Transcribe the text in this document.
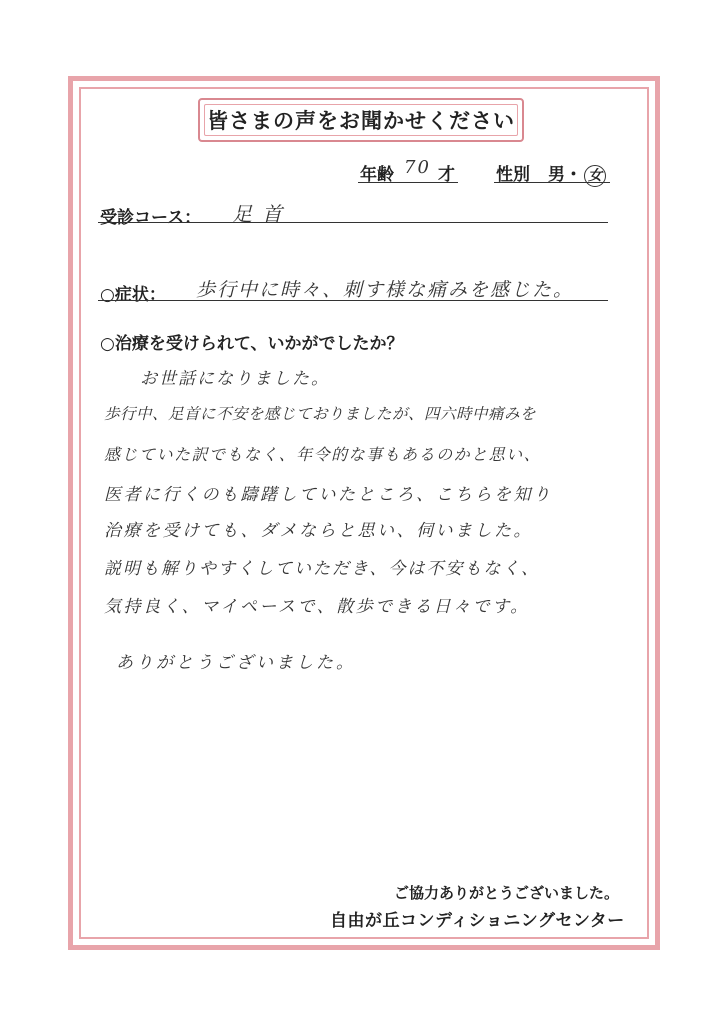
皆さまの声をお聞かせください
年齢 70 才 性別 男・ 女
受診コース： 足首
○症状： 歩行中に時々、刺す様な痛みを感じた。
○治療を受けられて、いかがでしたか？
お世話になりました。
歩行中、足首に不安を感じておりましたが、四六時中痛みを
感じていた訳でもなく、年令的な事もあるのかと思い、
医者に行くのも躊躇していたところ、こちらを知り
治療を受けても、ダメならと思い、伺いました。
説明も解りやすくしていただき、今は不安もなく、
気持良く、マイペースで、散歩できる日々です。
ありがとうございました。
ご協力ありがとうございました。
自由が丘コンディショニングセンター
